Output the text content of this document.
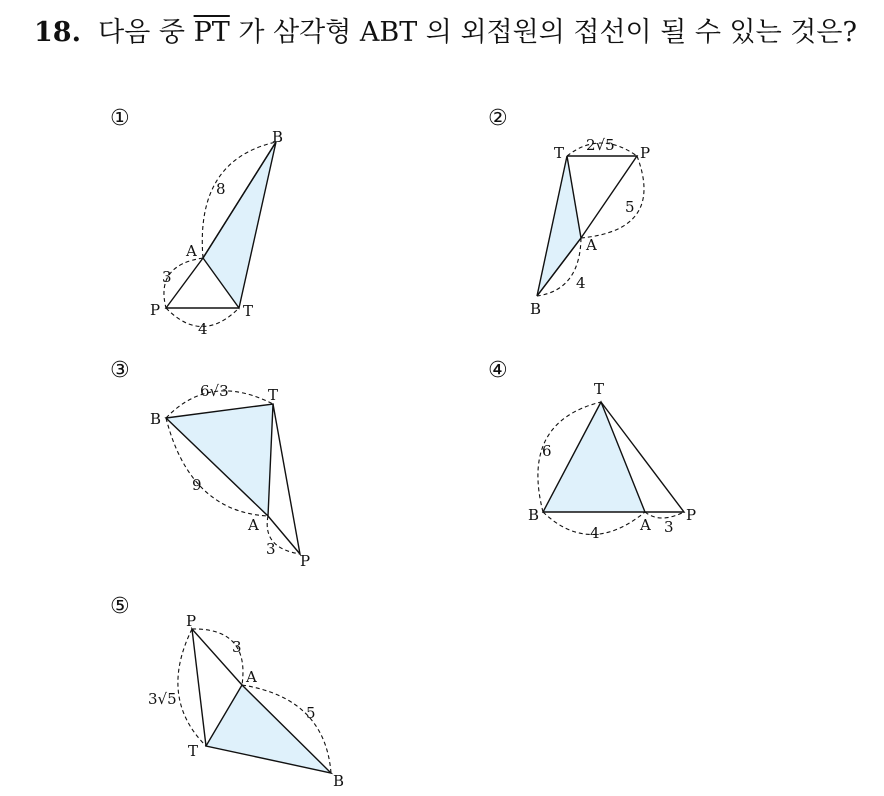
18. 다음 중 $\overline{PT}$ 가 삼각형 ABT 의 외접원의 접선이 될 수 있는 것은?
①
B
A
P	T
8
3
4
②
T	P
A
B
2√5
5
4
③
B
T
A
P
6√3
9
3
④
T
B
A
P
6
4	3
⑤
P
A
T
B
3
3√5
5
